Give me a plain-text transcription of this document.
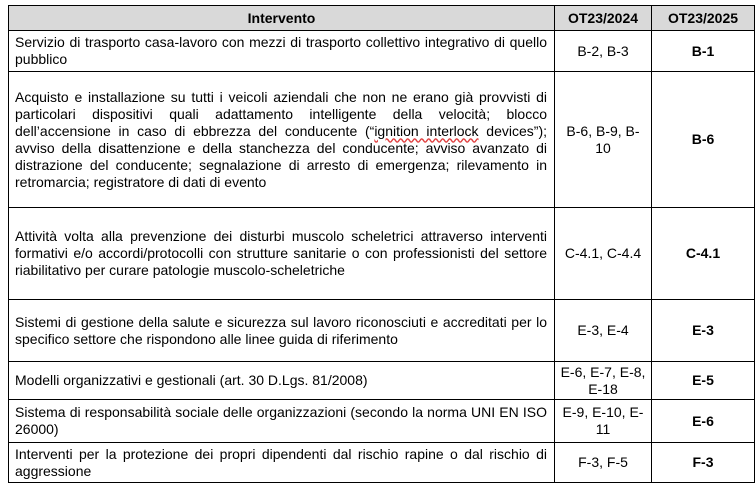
Intervento	OT23/2024	OT23/2025
Servizio di trasporto casa-lavoro con mezzi di trasporto collettivo integrativo di quello pubblico	B-2, B-3	B-1
Acquisto e installazione su tutti i veicoli aziendali che non ne erano già provvisti di particolari dispositivi quali adattamento intelligente della velocità; blocco dell’accensione in caso di ebbrezza del conducente (“ignition interlock devices”); avviso della disattenzione e della stanchezza del conducente; avviso avanzato di distrazione del conducente; segnalazione di arresto di emergenza; rilevamento in retromarcia; registratore di dati di evento	B-6, B-9, B-10	B-6
Attività volta alla prevenzione dei disturbi muscolo scheletrici attraverso interventi formativi e/o accordi/protocolli con strutture sanitarie o con professionisti del settore riabilitativo per curare patologie muscolo-scheletriche	C-4.1, C-4.4	C-4.1
Sistemi di gestione della salute e sicurezza sul lavoro riconosciuti e accreditati per lo specifico settore che rispondono alle linee guida di riferimento	E-3, E-4	E-3
Modelli organizzativi e gestionali (art. 30 D.Lgs. 81/2008)	E-6, E-7, E-8, E-18	E-5
Sistema di responsabilità sociale delle organizzazioni (secondo la norma UNI EN ISO 26000)	E-9, E-10, E-11	E-6
Interventi per la protezione dei propri dipendenti dal rischio rapine o dal rischio di aggressione	F-3, F-5	F-3
